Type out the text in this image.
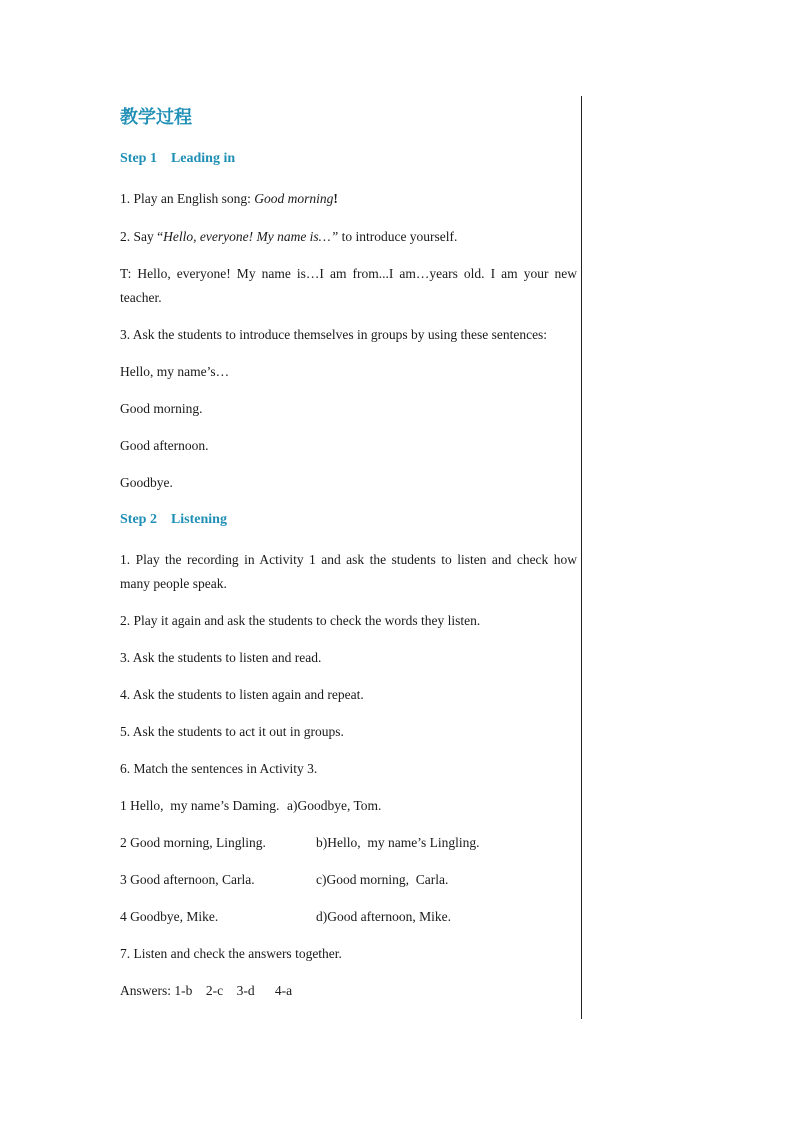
教学过程
Step 1    Leading in

1. Play an English song: Good morning!

2. Say “Hello, everyone! My name is…” to introduce yourself.

T: Hello, everyone! My name is…I am from...I am…years old. I am your new teacher.

3. Ask the students to introduce themselves in groups by using these sentences:

Hello, my name’s…

Good morning.

Good afternoon.

Goodbye.

Step 2    Listening

1. Play the recording in Activity 1 and ask the students to listen and check how many people speak.

2. Play it again and ask the students to check the words they listen.

3. Ask the students to listen and read.

4. Ask the students to listen again and repeat.

5. Ask the students to act it out in groups.

6. Match the sentences in Activity 3.

1 Hello,  my name’s Daming. a)Goodbye, Tom.
2 Good morning, Lingling.	b)Hello,  my name’s Lingling.
3 Good afternoon, Carla.	c)Good morning,  Carla.
4 Goodbye, Mike.	d)Good afternoon, Mike.

7. Listen and check the answers together.

Answers: 1-b    2-c    3-d      4-a
